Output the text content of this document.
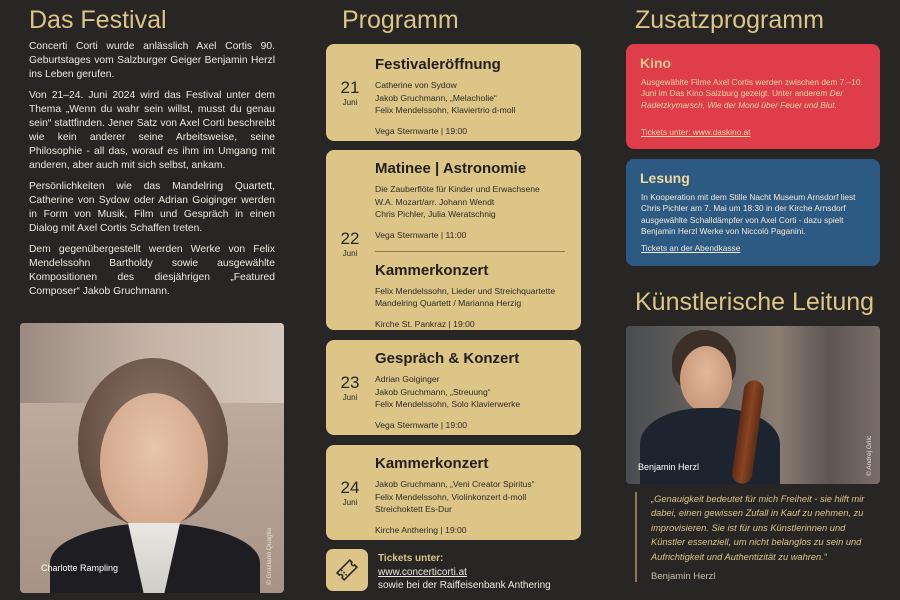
Das Festival

Concerti Corti wurde anlässlich Axel Cortis 90. Geburtstages vom Salzburger Geiger Benjamin Herzl ins Leben gerufen.

Von 21–24. Juni 2024 wird das Festival unter dem Thema „Wenn du wahr sein willst, musst du genau sein“ stattfinden. Jener Satz von Axel Corti beschreibt wie kein anderer seine Arbeitsweise, seine Philosophie - all das, worauf es ihm im Umgang mit anderen, aber auch mit sich selbst, ankam.

Persönlichkeiten wie das Mandelring Quartett, Catherine von Sydow oder Adrian Goiginger werden in Form von Musik, Film und Gespräch in einen Dialog mit Axel Cortis Schaffen treten.

Dem gegenübergestellt werden Werke von Felix Mendelssohn Bartholdy sowie ausgewählte Kompositionen des diesjährigen „Featured Composer“ Jakob Gruchmann.

Charlotte Rampling	© Graziano Quaglia
Programm
21
Juni
Festivaleröffnung
Catherine von Sydow
Jakob Gruchmann, „Melacholie“
Felix Mendelssohn, Klaviertrio d-moll
Vega Sternwarte | 19:00
22
Juni
Matinee | Astronomie
Die Zauberflöte für Kinder und Erwachsene
W.A. Mozart/arr. Johann Wendt
Chris Pichler, Julia Weratschnig
Vega Sternwarte | 11:00
Kammerkonzert
Felix Mendelssohn, Lieder und Streichquartette
Mandelring Quartett / Marianna Herzig
Kirche St. Pankraz | 19:00
23
Juni
Gespräch & Konzert
Adrian Goiginger
Jakob Gruchmann, „Streuung“
Felix Mendelssohn, Solo Klavierwerke
Vega Sternwarte | 19:00
24
Juni
Kammerkonzert
Jakob Gruchmann, „Veni Creator Spiritus“
Felix Mendelssohn, Violinkonzert d-moll
Streichoktett Es-Dur
Kirche Anthering | 19:00
Tickets unter:
www.concerticorti.at
sowie bei der Raiffeisenbank Anthering
Zusatzprogramm
Kino
Ausgewählte Filme Axel Cortis werden zwischen dem 7.–10. Juni im Das Kino Salzburg gezeigt. Unter anderem Der Radetzkymarsch, Wie der Mond über Feuer und Blut.
Tickets unter: www.daskino.at
Lesung
In Kooperation mit dem Stille Nacht Museum Arnsdorf liest Chris Pichler am 7. Mai um 18:30 in der Kirche Arnsdorf ausgewählte Schalldämpfer von Axel Corti - dazu spielt Benjamin Herzl Werke von Niccolò Paganini.
Tickets an der Abendkasse
Künstlerische Leitung
Benjamin Herzl	© Andrej Grilc
„Genauigkeit bedeutet für mich Freiheit - sie hilft mir dabei, einen gewissen Zufall in Kauf zu nehmen, zu improvisieren. Sie ist für uns Künstlerinnen und Künstler essenziell, um nicht belanglos zu sein und Aufrichtigkeit und Authentizität zu wahren.“
Benjamin Herzl
